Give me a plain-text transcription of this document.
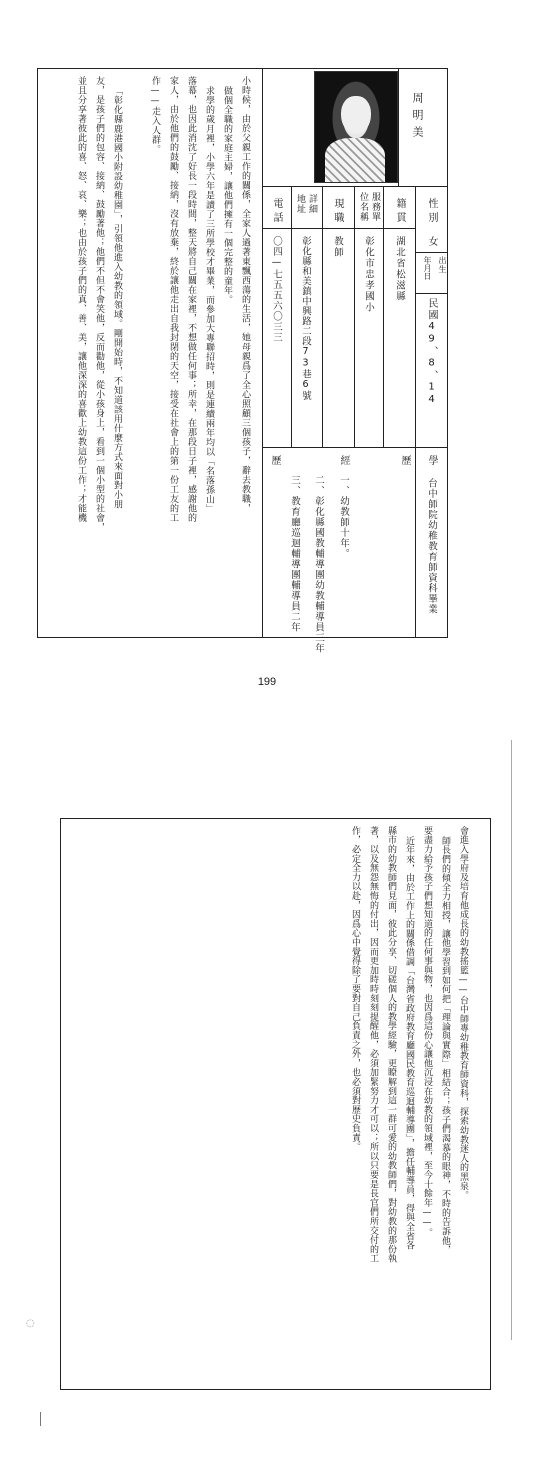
周明美
性別
籍貫
服務單位名稱
現職
詳細地址
電話
女
出生
年月日
民國49、8、14
湖北省松滋縣
彰化市忠孝國小
教師
彰化縣和美鎮中興路二段73巷6號
〇四—七五五六〇三三
學
台中師院幼稚教育師資科畢業
歷
經
歷
一、幼教師十年。
二、彰化縣國教輔導團幼教輔導員三年
三、教育廳巡迴輔導團輔導員二年
小時候，由於父親工作的關係，全家人過著東飄西蕩的生活，她母親爲了全心照顧三個孩子，辭去教職，
做個全職的家庭主婦，讓他們擁有一個完整的童年。
求學的歲月裡，小學六年是讀了三所學校才畢業，而參加大專聯招時，則是連續兩年均以「名落孫山」
落幕，也因此消沈了好長一段時間，整天將自己關在家裡，不想做任何事；所幸，在那段日子裡，感謝他的
家人，由於他們的鼓勵、接納，沒有放棄，終於讓他走出自我封閉的天空，接受在社會上的第一份工友的工
作——走入人群。
「彰化縣鹿港國小附設幼稚園」，引領他進入幼教的領域。剛開始時，不知道該用什麼方式來面對小朋
友，是孩子們的包容、接納、鼓勵著他；他們不但不會笑他，反而勸他，從小孩身上，看到一個小型的社會，
並且分享著彼此的喜、怒、哀、樂；也由於孩子們的真、善、美，讓他深深的喜歡上幼教這份工作；才能機
199
會進入學府及培育他成長的幼教搖籃——台中師專幼稚教育師資科，探索幼教迷人的黑泉。
師長們的傾全力相授，讓他學習到如何把「理論與實際」相結合；孩子們渴慕的眼神，不時的告訴他，
要盡力給予孩子們想知道的任何事與物，也因爲這份心讓他沉浸在幼教的領域裡，至今十餘年——。
近年來，由於工作上的關係借調「台灣省政府教育廳國民教育巡迴輔導團」，擔任輔導員，得與全省各
縣市的幼教師們見面，彼此分享、切磋個人的教學經驗，更瞭解到這一群可愛的幼教師們，對幼教的那份執
著，以及無怨無悔的付出，因而更加時時刻刻提醒他，必須加緊努力才可以；所以只要是長官們所交付的工
作，必定全力以赴，因爲心中覺得除了要對自己負責之外，也必須對歷史負責。
◌
